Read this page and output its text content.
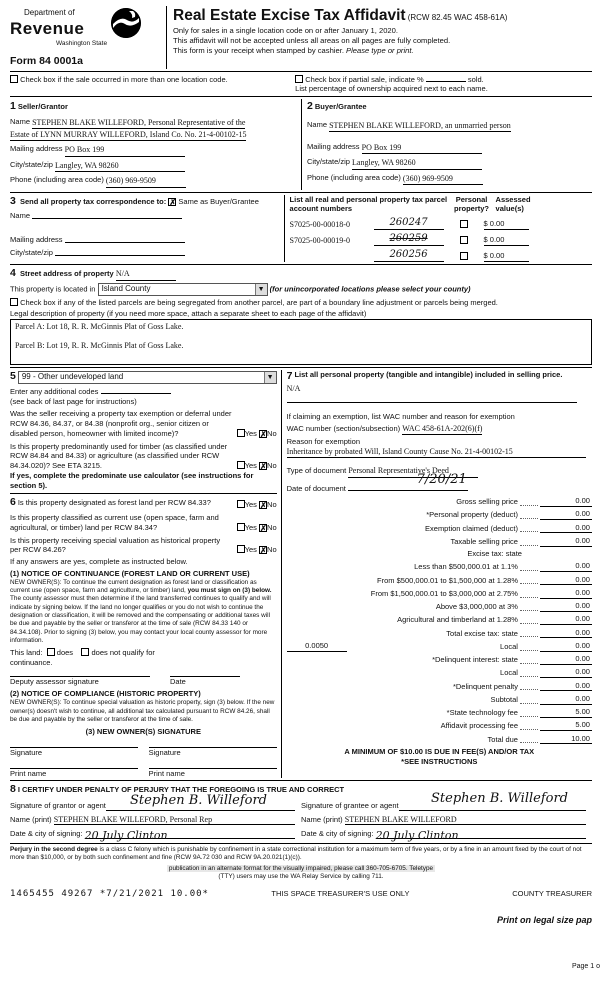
Department of
Revenue
Washington State
Form 84 0001a
Real Estate Excise Tax Affidavit (RCW 82.45 WAC 458-61A)
Only for sales in a single location code on or after January 1, 2020.
This affidavit will not be accepted unless all areas on all pages are fully completed.
This form is your receipt when stamped by cashier. Please type or print.
Check box if the sale occurred in more than one location code.	Check box if partial sale, indicate %	sold.
List percentage of ownership acquired next to each name.
1 Seller/Grantor
Name STEPHEN BLAKE WILLEFORD, Personal Representative of the
Estate of LYNN MURRAY WILLEFORD, Island Co. No. 21-4-00102-15
Mailing address PO Box 199
City/state/zip Langley, WA 98260
Phone (including area code) (360) 969-9509
2 Buyer/Grantee
Name STEPHEN BLAKE WILLEFORD, an unmarried person
Mailing address PO Box 199
City/state/zip Langley, WA 98260
Phone (including area code) (360) 969-9509
3 Send all property tax correspondence to: ✗ Same as Buyer/Grantee
Name
Mailing address
City/state/zip
List all real and personal property tax parcel account numbers
Personal property?
Assessed value(s)
S7025-00-00018-0	260247	$ 0.00
S7025-00-00019-0	260259	$ 0.00
260256	$ 0.00
4 Street address of property N/A
This property is located in Island County	▼ (for unincorporated locations please select your county)
Check box if any of the listed parcels are being segregated from another parcel, are part of a boundary line adjustment or parcels being merged.
Legal description of property (if you need more space, attach a separate sheet to each page of the affidavit)
Parcel A: Lot 18, R. R. McGinnis Plat of Goss Lake.
Parcel B: Lot 19, R. R. McGinnis Plat of Goss Lake.
5 99 - Other undeveloped land	▼
Enter any additional codes
(see back of last page for instructions)
Was the seller receiving a property tax exemption or deferral under RCW 84.36, 84.37, or 84.38 (nonprofit org., senior citizen or disabled person, homeowner with limited income)?	Yes ✗No
Is this property predominantly used for timber (as classified under RCW 84.84 and 84.33) or agriculture (as classified under RCW 84.34.020)? See ETA 3215.	Yes ✗No
If yes, complete the predominate use calculator (see instructions for section 5).
6 Is this property designated as forest land per RCW 84.33?	Yes ✗No
Is this property classified as current use (open space, farm and agricultural, or timber) land per RCW 84.34?	Yes ✗No
Is this property receiving special valuation as historical property per RCW 84.26?	Yes ✗No
If any answers are yes, complete as instructed below.
(1) NOTICE OF CONTINUANCE (FOREST LAND OR CURRENT USE)
NEW OWNER(S): To continue the current designation as forest land or classification as current use (open space, farm and agriculture, or timber) land, you must sign on (3) below. The county assessor must then determine if the land transferred continues to qualify and will indicate by signing below. If the land no longer qualifies or you do not wish to continue the designation or classification, it will be removed and the compensating or additional taxes will be due and payable by the seller or transferor at the time of sale (RCW 84.33 140 or 84.34.108). Prior to signing (3) below, you may contact your local county assessor for more information.
This land:

does

does not qualify for
continuance.
Deputy assessor signature	Date
(2) NOTICE OF COMPLIANCE (HISTORIC PROPERTY)
NEW OWNER(S): To continue special valuation as historic property, sign (3) below. If the new owner(s) doesn't wish to continue, all additional tax calculated pursuant to RCW 84.26, shall be due and payable by the seller or transferor at the time of sale.
(3) NEW OWNER(S) SIGNATURE
Signature	Signature
Print name	Print name
7 List all personal property (tangible and intangible) included in selling price.
N/A
If claiming an exemption, list WAC number and reason for exemption
WAC number (section/subsection) WAC 458-61A-202(6)(f)
Reason for exemption
Inheritance by probated Will, Island County Cause No. 21-4-00102-15
Type of document Personal Representative's Deed
Date of document
7/20/21
Gross selling price	0.00
*Personal property (deduct)	0.00
Exemption claimed (deduct)	0.00
Taxable selling price	0.00
Excise tax: state
Less than $500,000.01 at 1.1%	0.00
From $500,000.01 to $1,500,000 at 1.28%	0.00
From $1,500,000.01 to $3,000,000 at 2.75%	0.00
Above $3,000,000 at 3%	0.00
Agricultural and timberland at 1.28%	0.00
Total excise tax: state	0.00
0.0050	Local	0.00
*Delinquent interest: state	0.00
Local	0.00
*Delinquent penalty	0.00
Subtotal	0.00
*State technology fee	5.00
Affidavit processing fee	5.00
Total due	10.00
A MINIMUM OF $10.00 IS DUE IN FEE(S) AND/OR TAX
*SEE INSTRUCTIONS
8 I CERTIFY UNDER PENALTY OF PERJURY THAT THE FOREGOING IS TRUE AND CORRECT
Stephen B. Willeford
Signature of grantor or agent
Name (print)
STEPHEN BLAKE WILLEFORD, Personal Rep
Date & city of signing:
20 July Clinton
Stephen B. Willeford
Signature of grantee or agent
Name (print)
STEPHEN BLAKE WILLEFORD
Date & city of signing:
20 July Clinton
Perjury in the second degree is a class C felony which is punishable by confinement in a state correctional institution for a maximum term of five years, or by a fine in an amount fixed by the court of not more than $10,000, or by both such confinement and fine (RCW 9A.72 030 and RCW 9A.20.021(1)(c)).
publication in an alternate format for the visually impaired, please call 360-705-6705. Teletype
(TTY) users may use the WA Relay Service by calling 711.
1465455 49267 *7/21/2021 10.00*	THIS SPACE TREASURER'S USE ONLY	COUNTY TREASURER
Print on legal size pap
Page 1 o
